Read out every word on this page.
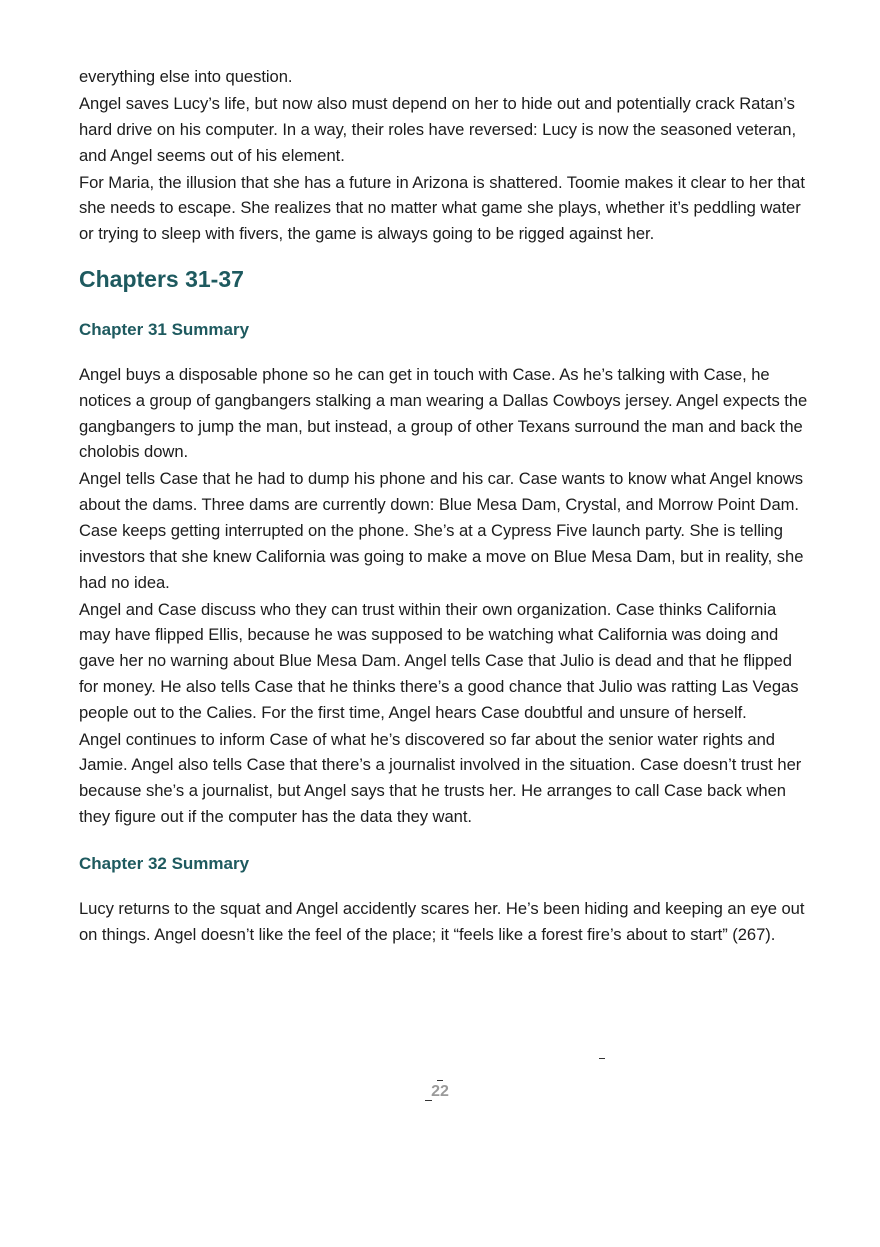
everything else into question.

Angel saves Lucy’s life, but now also must depend on her to hide out and potentially crack Ratan’s hard drive on his computer. In a way, their roles have reversed: Lucy is now the seasoned veteran, and Angel seems out of his element.

For Maria, the illusion that she has a future in Arizona is shattered. Toomie makes it clear to her that she needs to escape. She realizes that no matter what game she plays, whether it’s peddling water or trying to sleep with fivers, the game is always going to be rigged against her.

Chapters 31-37
Chapter 31 Summary

Angel buys a disposable phone so he can get in touch with Case. As he’s talking with Case, he notices a group of gangbangers stalking a man wearing a Dallas Cowboys jersey. Angel expects the gangbangers to jump the man, but instead, a group of other Texans surround the man and back the cholobis down.

Angel tells Case that he had to dump his phone and his car. Case wants to know what Angel knows about the dams. Three dams are currently down: Blue Mesa Dam, Crystal, and Morrow Point Dam. Case keeps getting interrupted on the phone. She’s at a Cypress Five launch party. She is telling investors that she knew California was going to make a move on Blue Mesa Dam, but in reality, she had no idea.

Angel and Case discuss who they can trust within their own organization. Case thinks California may have flipped Ellis, because he was supposed to be watching what California was doing and gave her no warning about Blue Mesa Dam. Angel tells Case that Julio is dead and that he flipped for money. He also tells Case that he thinks there’s a good chance that Julio was ratting Las Vegas people out to the Calies. For the first time, Angel hears Case doubtful and unsure of herself.

Angel continues to inform Case of what he’s discovered so far about the senior water rights and Jamie. Angel also tells Case that there’s a journalist involved in the situation. Case doesn’t trust her because she’s a journalist, but Angel says that he trusts her. He arranges to call Case back when they figure out if the computer has the data they want.

Chapter 32 Summary

Lucy returns to the squat and Angel accidently scares her. He’s been hiding and keeping an eye out on things. Angel doesn’t like the feel of the place; it “feels like a forest fire’s about to start” (267).

22
